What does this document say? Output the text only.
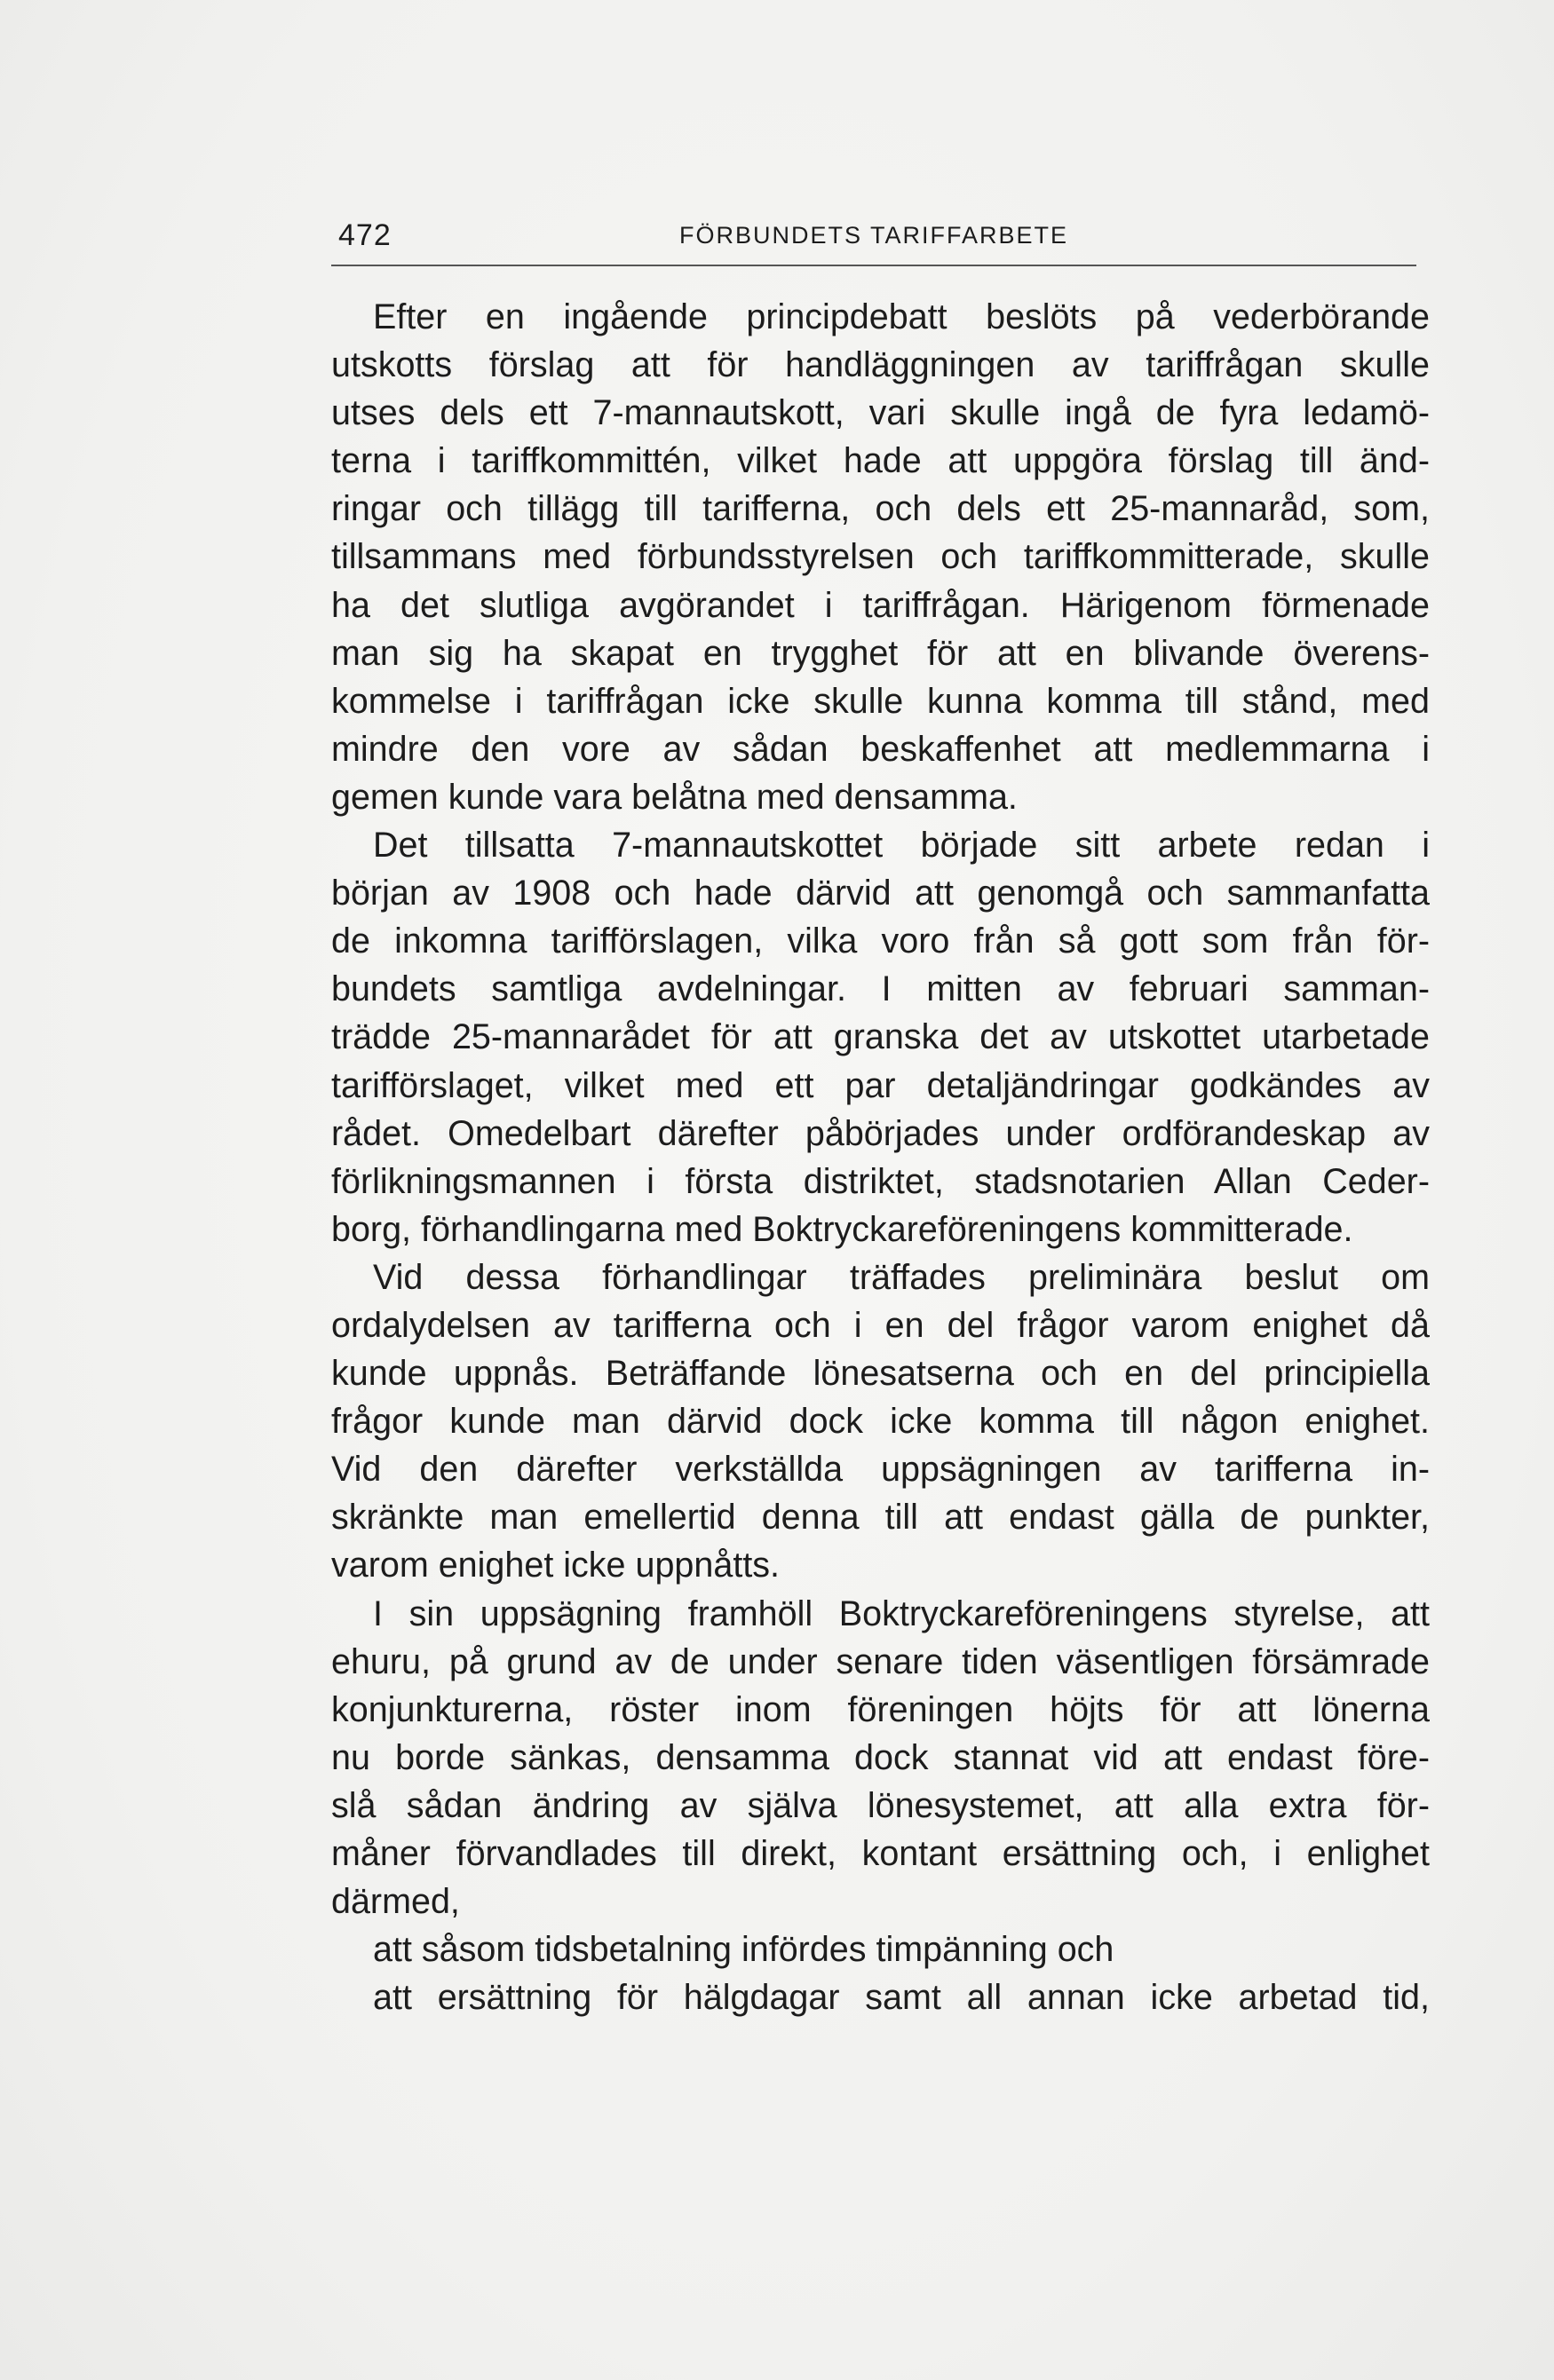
472	FÖRBUNDETS TARIFFARBETE
Efter en ingående principdebatt beslöts på vederbörande
utskotts förslag att för handläggningen av tariffrågan skulle
utses dels ett 7-mannautskott, vari skulle ingå de fyra ledamö-
terna i tariffkommittén, vilket hade att uppgöra förslag till änd-
ringar och tillägg till tarifferna, och dels ett 25-mannaråd, som,
tillsammans med förbundsstyrelsen och tariffkommitterade, skulle
ha det slutliga avgörandet i tariffrågan. Härigenom förmenade
man sig ha skapat en trygghet för att en blivande överens-
kommelse i tariffrågan icke skulle kunna komma till stånd, med
mindre den vore av sådan beskaffenhet att medlemmarna i
gemen kunde vara belåtna med densamma.
Det tillsatta 7-mannautskottet började sitt arbete redan i
början av 1908 och hade därvid att genomgå och sammanfatta
de inkomna tarifförslagen, vilka voro från så gott som från för-
bundets samtliga avdelningar. I mitten av februari samman-
trädde 25-mannarådet för att granska det av utskottet utarbetade
tarifförslaget, vilket med ett par detaljändringar godkändes av
rådet. Omedelbart därefter påbörjades under ordförandeskap av
förlikningsmannen i första distriktet, stadsnotarien Allan Ceder-
borg, förhandlingarna med Boktryckareföreningens kommitterade.
Vid dessa förhandlingar träffades preliminära beslut om
ordalydelsen av tarifferna och i en del frågor varom enighet då
kunde uppnås. Beträffande lönesatserna och en del principiella
frågor kunde man därvid dock icke komma till någon enighet.
Vid den därefter verkställda uppsägningen av tarifferna in-
skränkte man emellertid denna till att endast gälla de punkter,
varom enighet icke uppnåtts.
I sin uppsägning framhöll Boktryckareföreningens styrelse, att
ehuru, på grund av de under senare tiden väsentligen försämrade
konjunkturerna, röster inom föreningen höjts för att lönerna
nu borde sänkas, densamma dock stannat vid att endast före-
slå sådan ändring av själva lönesystemet, att alla extra för-
måner förvandlades till direkt, kontant ersättning och, i enlighet
därmed,
att såsom tidsbetalning infördes timpänning och
att ersättning för hälgdagar samt all annan icke arbetad tid,
